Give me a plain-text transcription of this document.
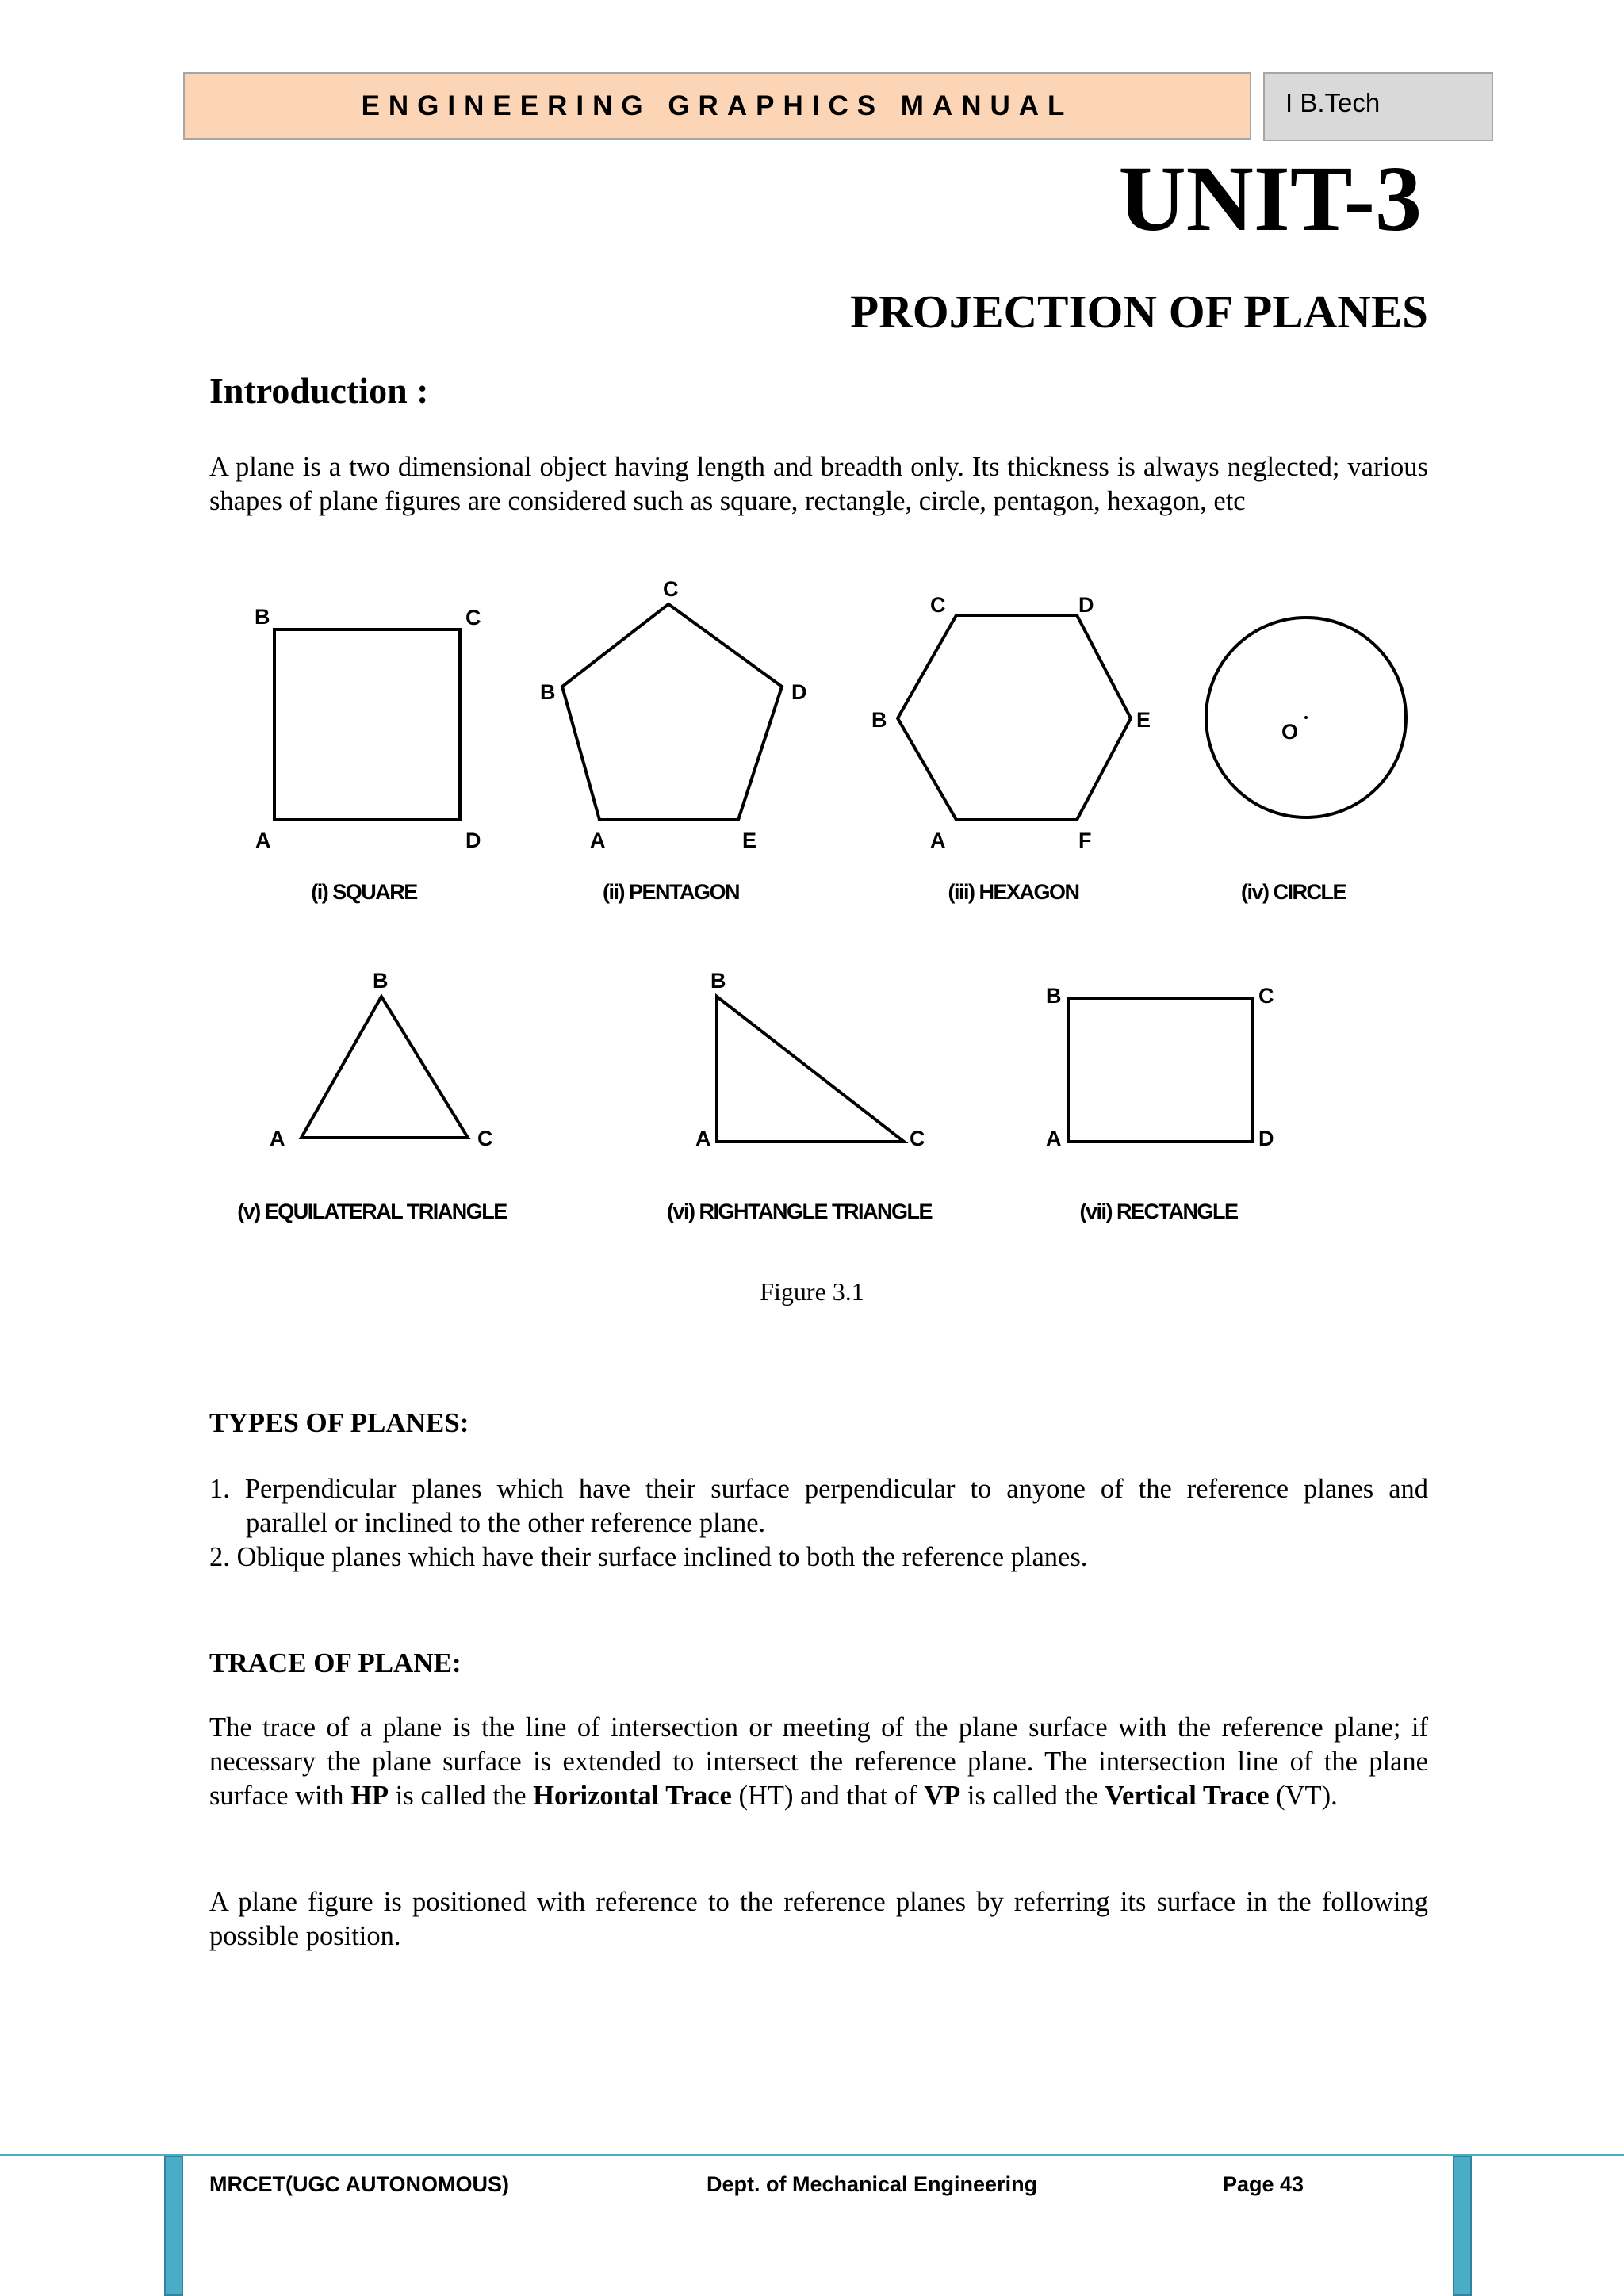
ENGINEERING GRAPHICS MANUAL	I B.Tech
UNIT-3
PROJECTION OF PLANES
Introduction :
A plane is a two dimensional object having length and breadth only. Its thickness is always neglected; various shapes of plane figures are considered such as square, rectangle, circle, pentagon, hexagon, etc
B	C
A	D
(i) SQUARE
C
B	D
A	E
(ii) PENTAGON
C	D
B	E
A	F
(iii) HEXAGON
O
(iv) CIRCLE
B
A	C
(v) EQUILATERAL TRIANGLE
B
A	C
(vi) RIGHTANGLE TRIANGLE
B	C
A	D
(vii) RECTANGLE
Figure 3.1
TYPES OF PLANES:
1. Perpendicular planes which have their surface perpendicular to anyone of the reference planes and
parallel or inclined to the other reference plane.
2. Oblique planes which have their surface inclined to both the reference planes.
TRACE OF PLANE:
The trace of a plane is the line of intersection or meeting of the plane surface with the reference plane; if necessary the plane surface is extended to intersect the reference plane. The intersection line of the plane surface with HP is called the Horizontal Trace (HT) and that of VP is called the Vertical Trace (VT).
A plane figure is positioned with reference to the reference planes by referring its surface in the following possible position.
MRCET(UGC AUTONOMOUS)	Dept. of Mechanical Engineering	Page 43
